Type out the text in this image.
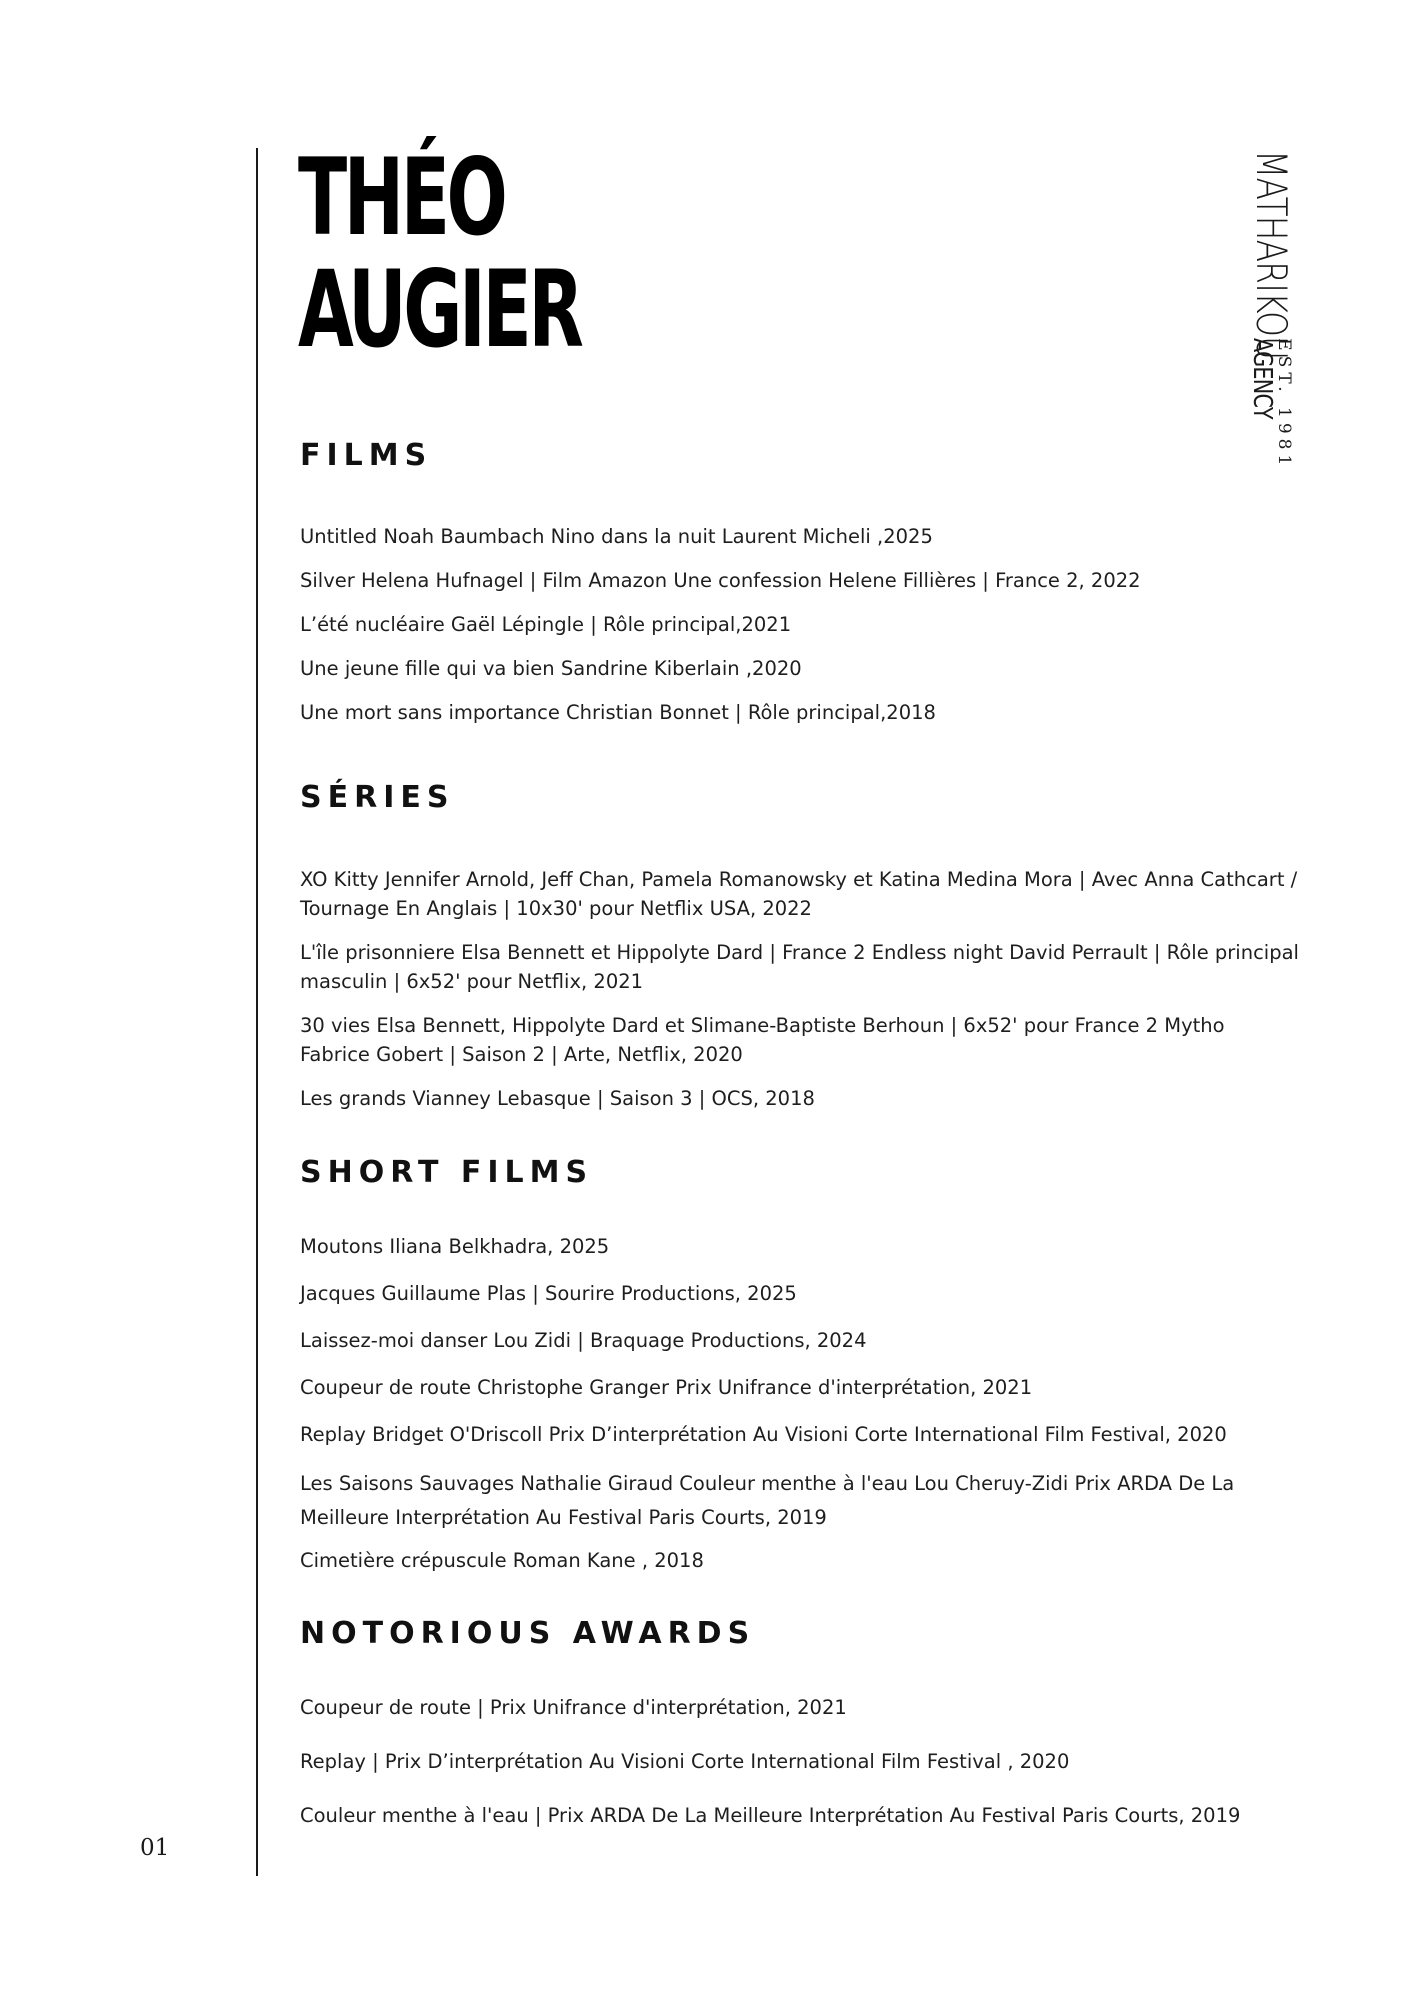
01
THÉO
AUGIER	MATHARIKOU
EST. 1981
AGENCY
FILMS

Untitled Noah Baumbach Nino dans la nuit Laurent Micheli ,2025

Silver Helena Hufnagel | Film Amazon Une confession Helene Fillières | France 2, 2022

L’été nucléaire Gaël Lépingle | Rôle principal,2021

Une jeune fille qui va bien Sandrine Kiberlain ,2020

Une mort sans importance Christian Bonnet | Rôle principal,2018

SÉRIES

XO Kitty Jennifer Arnold, Jeff Chan, Pamela Romanowsky et Katina Medina Mora | Avec Anna Cathcart / Tournage En Anglais | 10x30' pour Netflix USA, 2022

L'île prisonniere Elsa Bennett et Hippolyte Dard | France 2 Endless night David Perrault | Rôle principal masculin | 6x52' pour Netflix, 2021

30 vies Elsa Bennett, Hippolyte Dard et Slimane-Baptiste Berhoun | 6x52' pour France 2 Mytho Fabrice Gobert | Saison 2 | Arte, Netflix, 2020

Les grands Vianney Lebasque | Saison 3 | OCS, 2018

SHORT FILMS

Moutons Iliana Belkhadra, 2025

Jacques Guillaume Plas | Sourire Productions, 2025

Laissez-moi danser Lou Zidi | Braquage Productions, 2024

Coupeur de route Christophe Granger Prix Unifrance d'interprétation, 2021

Replay Bridget O'Driscoll Prix D’interprétation Au Visioni Corte International Film Festival, 2020

Les Saisons Sauvages Nathalie Giraud Couleur menthe à l'eau Lou Cheruy-Zidi Prix ARDA De La Meilleure Interprétation Au Festival Paris Courts, 2019

Cimetière crépuscule Roman Kane , 2018

NOTORIOUS AWARDS

Coupeur de route | Prix Unifrance d'interprétation, 2021

Replay | Prix D’interprétation Au Visioni Corte International Film Festival , 2020

Couleur menthe à l'eau | Prix ARDA De La Meilleure Interprétation Au Festival Paris Courts, 2019
